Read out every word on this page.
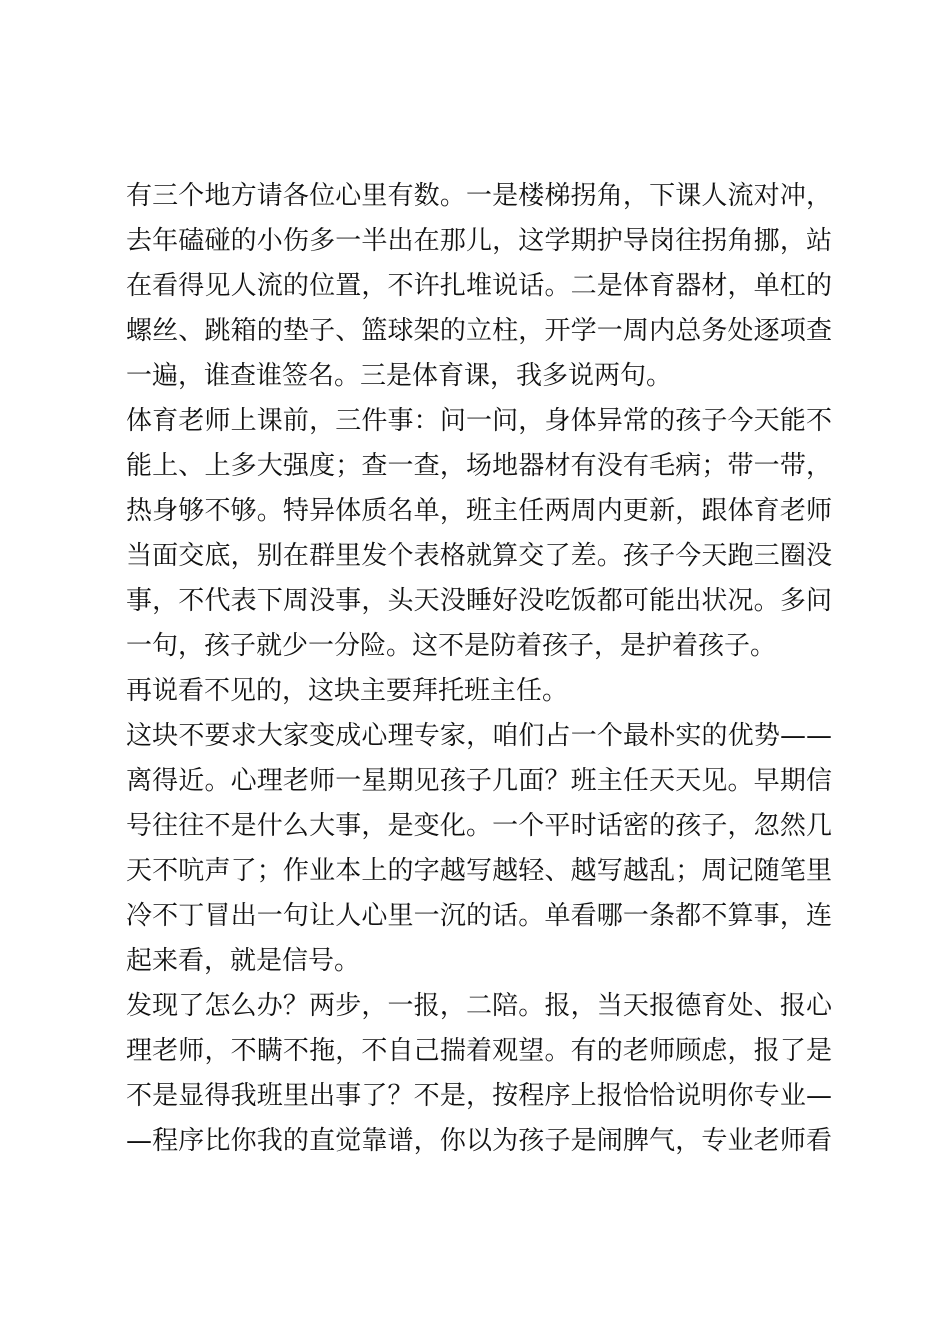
有三个地方请各位心里有数。一是楼梯拐角，下课人流对冲，
去年磕碰的小伤多一半出在那儿，这学期护导岗往拐角挪，站
在看得见人流的位置，不许扎堆说话。二是体育器材，单杠的
螺丝、跳箱的垫子、篮球架的立柱，开学一周内总务处逐项查
一遍，谁查谁签名。三是体育课，我多说两句。
体育老师上课前，三件事：问一问，身体异常的孩子今天能不
能上、上多大强度；查一查，场地器材有没有毛病；带一带，
热身够不够。特异体质名单，班主任两周内更新，跟体育老师
当面交底，别在群里发个表格就算交了差。孩子今天跑三圈没
事，不代表下周没事，头天没睡好没吃饭都可能出状况。多问
一句，孩子就少一分险。这不是防着孩子，是护着孩子。
再说看不见的，这块主要拜托班主任。
这块不要求大家变成心理专家，咱们占一个最朴实的优势——
离得近。心理老师一星期见孩子几面？班主任天天见。早期信
号往往不是什么大事，是变化。一个平时话密的孩子，忽然几
天不吭声了；作业本上的字越写越轻、越写越乱；周记随笔里
冷不丁冒出一句让人心里一沉的话。单看哪一条都不算事，连
起来看，就是信号。
发现了怎么办？两步，一报，二陪。报，当天报德育处、报心
理老师，不瞒不拖，不自己揣着观望。有的老师顾虑，报了是
不是显得我班里出事了？不是，按程序上报恰恰说明你专业—
—程序比你我的直觉靠谱，你以为孩子是闹脾气，专业老师看
